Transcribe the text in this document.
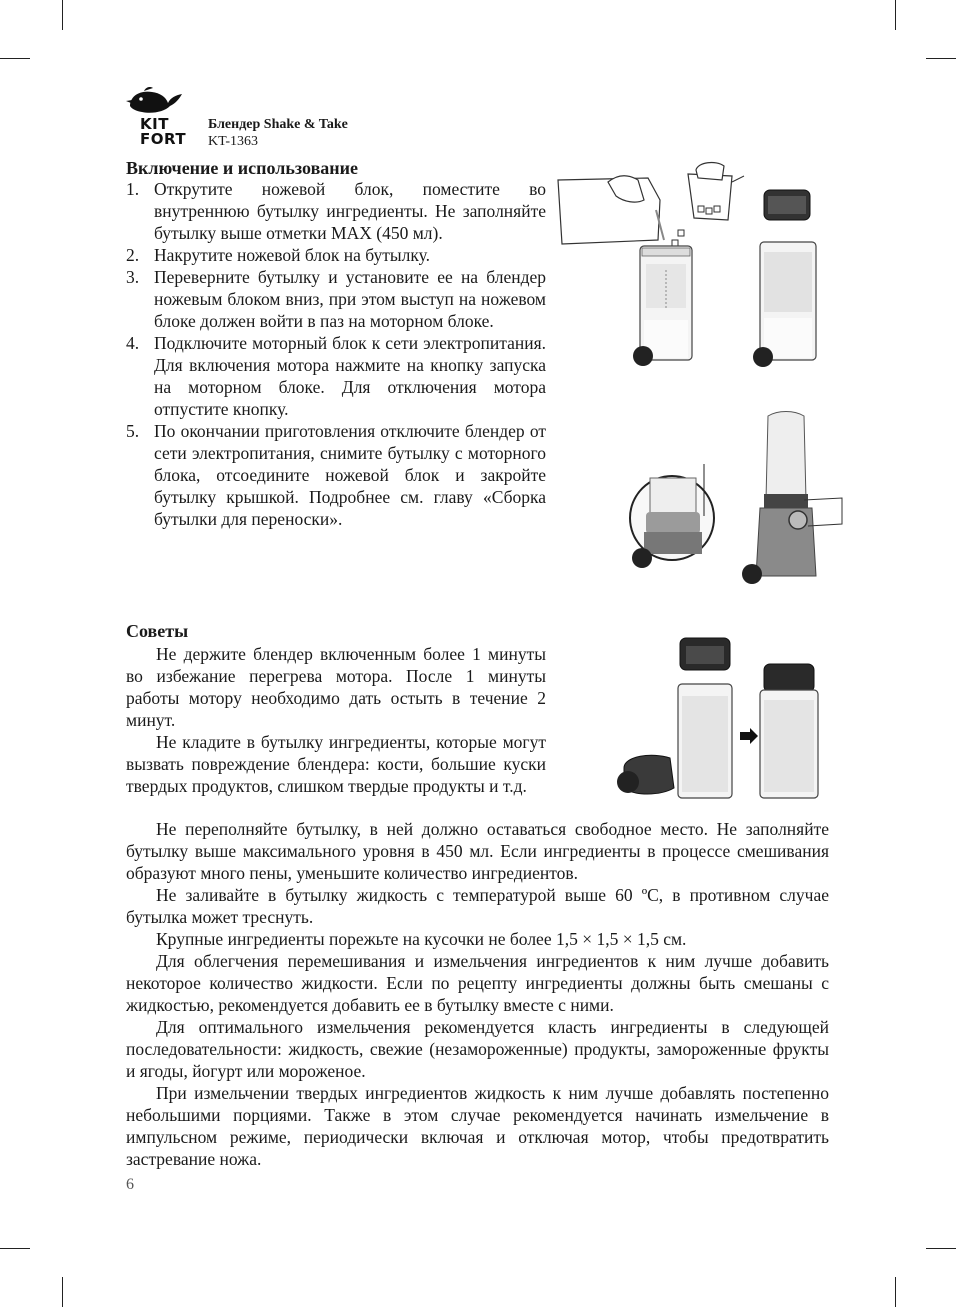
KIT
FORT
Блендер Shake & Take
KT-1363
Включение и использование
1. Открутите ножевой блок, поместите во внутреннюю бутылку ингредиенты. Не заполняйте бутылку выше отметки MAX (450 мл).
2. Накрутите ножевой блок на бутылку.
3. Переверните бутылку и установите ее на блендер ножевым блоком вниз, при этом выступ на ножевом блоке должен войти в паз на моторном блоке.
4. Подключите моторный блок к сети электропитания. Для включения мотора нажмите на кнопку запуска на моторном блоке. Для отключения мотора отпустите кнопку.
5. По окончании приготовления отключите блендер от сети электропитания, снимите бутылку с моторного блока, отсоедините ножевой блок и закройте бутылку крышкой. Подробнее см. главу «Сборка бутылки для переноски».
Советы

Не держите блендер включенным более 1 минуты во избежание перегрева мотора. После 1 минуты работы мотору необходимо дать остыть в течение 2 минут.

Не кладите в бутылку ингредиенты, которые могут вызвать повреждение блендера: кости, большие куски твердых продуктов, слишком твердые продукты и т.д.

Не переполняйте бутылку, в ней должно оставаться свободное место. Не заполняйте бутылку выше максимального уровня в 450 мл. Если ингредиенты в процессе смешивания образуют много пены, уменьшите количество ингредиентов.

Не заливайте в бутылку жидкость с температурой выше 60 ºС, в противном случае бутылка может треснуть.

Крупные ингредиенты порежьте на кусочки не более 1,5 × 1,5 × 1,5 см.

Для облегчения перемешивания и измельчения ингредиентов к ним лучше добавить некоторое количество жидкости. Если по рецепту ингредиенты должны быть смешаны с жидкостью, рекомендуется добавить ее в бутылку вместе с ними.

Для оптимального измельчения рекомендуется класть ингредиенты в следующей последовательности: жидкость, свежие (незамороженные) продукты, замороженные фрукты и ягоды, йогурт или мороженое.

При измельчении твердых ингредиентов жидкость к ним лучше добавлять постепенно небольшими порциями. Также в этом случае рекомендуется начинать измельчение в импульсном режиме, периодически включая и отключая мотор, чтобы предотвратить застревание ножа.

6
